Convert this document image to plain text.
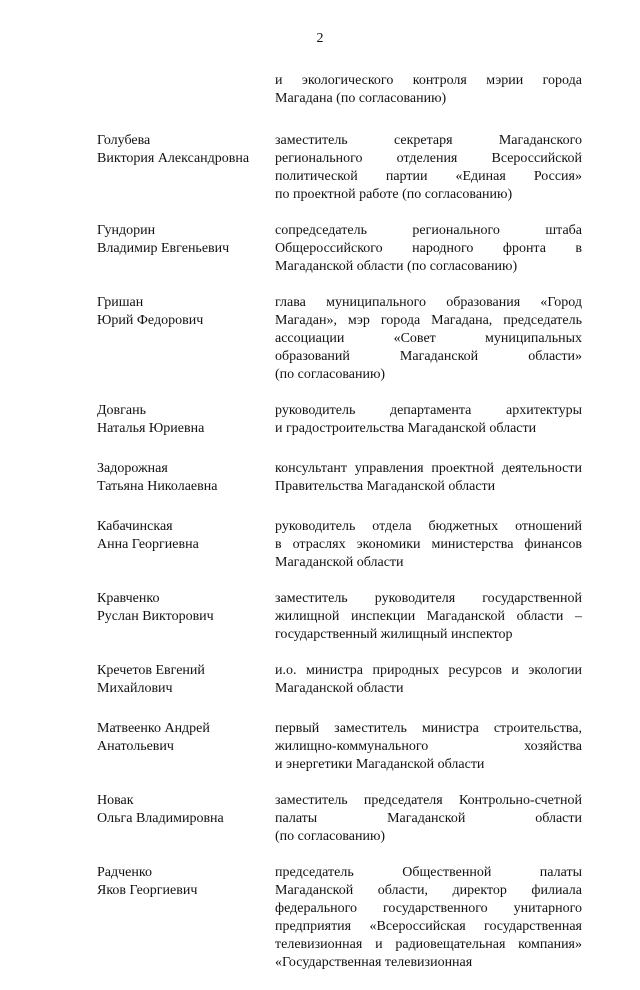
2
и экологического контроля мэрии города
Магадана (по согласованию)
Голубева
Виктория Александровна
заместитель секретаря Магаданского
регионального отделения Всероссийской
политической партии «Единая Россия»
по проектной работе (по согласованию)
Гундорин
Владимир Евгеньевич
сопредседатель регионального штаба
Общероссийского народного фронта в
Магаданской области (по согласованию)
Гришан
Юрий Федорович
глава муниципального образования «Город
Магадан», мэр города Магадана, председатель
ассоциации «Совет муниципальных
образований Магаданской области»
(по согласованию)
Довгань
Наталья Юриевна
руководитель департамента архитектуры
и градостроительства Магаданской области
Задорожная
Татьяна Николаевна
консультант управления проектной деятельности
Правительства Магаданской области
Кабачинская
Анна Георгиевна
руководитель отдела бюджетных отношений
в отраслях экономики министерства финансов
Магаданской области
Кравченко
Руслан Викторович
заместитель руководителя государственной
жилищной инспекции Магаданской области –
государственный жилищный инспектор
Кречетов Евгений
Михайлович
и.о. министра природных ресурсов и экологии
Магаданской области
Матвеенко Андрей
Анатольевич
первый заместитель министра строительства,
жилищно-коммунального хозяйства
и энергетики Магаданской области
Новак
Ольга Владимировна
заместитель председателя Контрольно-счетной
палаты Магаданской области
(по согласованию)
Радченко
Яков Георгиевич
председатель Общественной палаты
Магаданской области, директор филиала
федерального государственного унитарного
предприятия «Всероссийская государственная
телевизионная и радиовещательная компания»
«Государственная телевизионная
